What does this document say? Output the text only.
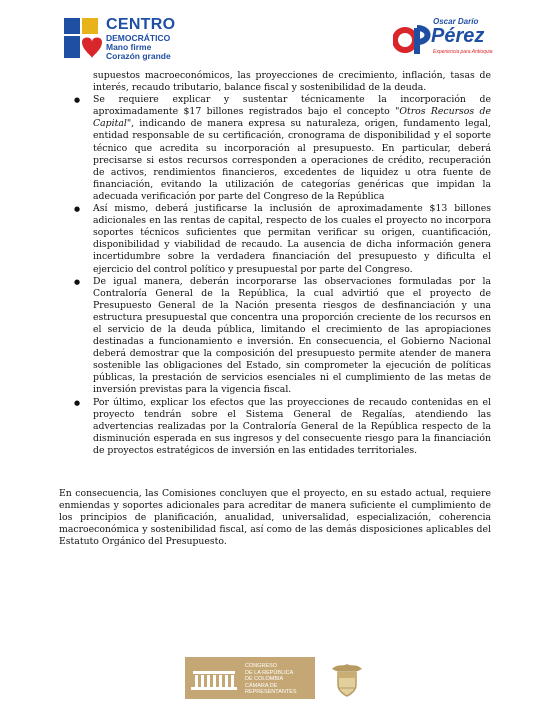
CENTRO
DEMOCRÁTICO
Mano firme
Corazón grande
Oscar Darío
Pérez
Experiencia para Antioquia
supuestos macroeconómicos, las proyecciones de crecimiento, inflación, tasas de interés, recaudo tributario, balance fiscal y sostenibilidad de la deuda.
● Se requiere explicar y sustentar técnicamente la incorporación de aproximadamente $17 billones registrados bajo el concepto "Otros Recursos de Capital", indicando de manera expresa su naturaleza, origen, fundamento legal, entidad responsable de su certificación, cronograma de disponibilidad y el soporte técnico que acredita su incorporación al presupuesto. En particular, deberá precisarse si estos recursos corresponden a operaciones de crédito, recuperación de activos, rendimientos financieros, excedentes de liquidez u otra fuente de financiación, evitando la utilización de categorías genéricas que impidan la adecuada verificación por parte del Congreso de la República
● Así mismo, deberá justificarse la inclusión de aproximadamente $13 billones adicionales en las rentas de capital, respecto de los cuales el proyecto no incorpora soportes técnicos suficientes que permitan verificar su origen, cuantificación, disponibilidad y viabilidad de recaudo. La ausencia de dicha información genera incertidumbre sobre la verdadera financiación del presupuesto y dificulta el ejercicio del control político y presupuestal por parte del Congreso.
● De igual manera, deberán incorporarse las observaciones formuladas por la Contraloría General de la República, la cual advirtió que el proyecto de Presupuesto General de la Nación presenta riesgos de desfinanciación y una estructura presupuestal que concentra una proporción creciente de los recursos en el servicio de la deuda pública, limitando el crecimiento de las apropiaciones destinadas a funcionamiento e inversión. En consecuencia, el Gobierno Nacional deberá demostrar que la composición del presupuesto permite atender de manera sostenible las obligaciones del Estado, sin comprometer la ejecución de políticas públicas, la prestación de servicios esenciales ni el cumplimiento de las metas de inversión previstas para la vigencia fiscal.
● Por último, explicar los efectos que las proyecciones de recaudo contenidas en el proyecto tendrán sobre el Sistema General de Regalías, atendiendo las advertencias realizadas por la Contraloría General de la República respecto de la disminución esperada en sus ingresos y del consecuente riesgo para la financiación de proyectos estratégicos de inversión en las entidades territoriales.

En consecuencia, las Comisiones concluyen que el proyecto, en su estado actual, requiere enmiendas y soportes adicionales para acreditar de manera suficiente el cumplimiento de los principios de planificación, anualidad, universalidad, especialización, coherencia macroeconómica y sostenibilidad fiscal, así como de las demás disposiciones aplicables del Estatuto Orgánico del Presupuesto.

CONGRESO
DE LA REPÚBLICA
DE COLOMBIA
CÁMARA DE REPRESENTANTES
